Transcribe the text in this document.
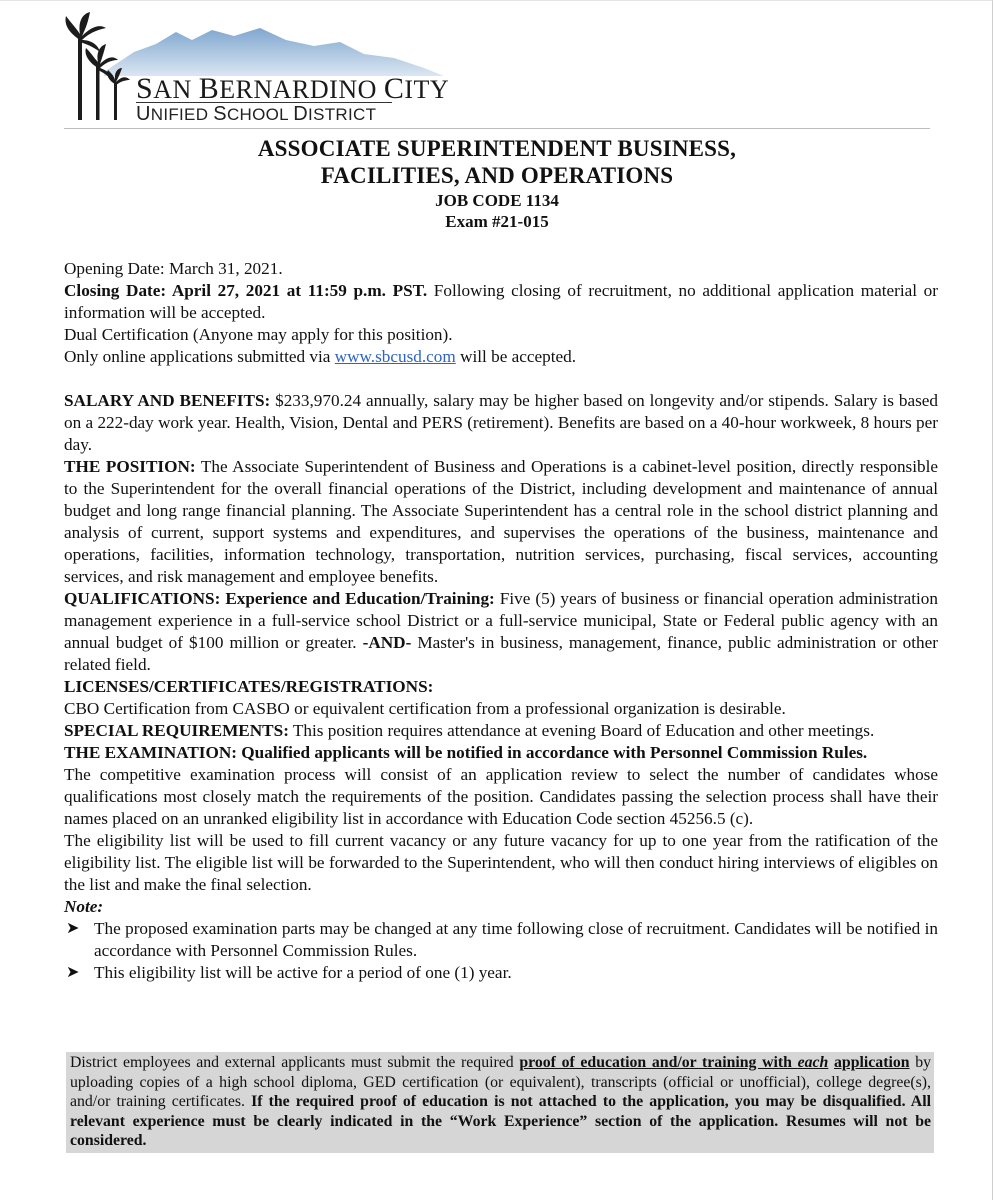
SAN BERNARDINO CITY
UNIFIED SCHOOL DISTRICT
ASSOCIATE SUPERINTENDENT BUSINESS,
FACILITIES, AND OPERATIONS
JOB CODE 1134
Exam #21-015

Opening Date: March 31, 2021.

Closing Date: April 27, 2021 at 11:59 p.m. PST. Following closing of recruitment, no additional application material or information will be accepted.

Dual Certification (Anyone may apply for this position).

Only online applications submitted via www.sbcusd.com will be accepted.

SALARY AND BENEFITS: $233,970.24 annually, salary may be higher based on longevity and/or stipends. Salary is based on a 222-day work year. Health, Vision, Dental and PERS (retirement). Benefits are based on a 40-hour workweek, 8 hours per day.

THE POSITION: The Associate Superintendent of Business and Operations is a cabinet-level position, directly responsible to the Superintendent for the overall financial operations of the District, including development and maintenance of annual budget and long range financial planning. The Associate Superintendent has a central role in the school district planning and analysis of current, support systems and expenditures, and supervises the operations of the business, maintenance and operations, facilities, information technology, transportation, nutrition services, purchasing, fiscal services, accounting services, and risk management and employee benefits.

QUALIFICATIONS: Experience and Education/Training: Five (5) years of business or financial operation administration management experience in a full-service school District or a full-service municipal, State or Federal public agency with an annual budget of $100 million or greater. -AND- Master's in business, management, finance, public administration or other related field.

LICENSES/CERTIFICATES/REGISTRATIONS:

CBO Certification from CASBO or equivalent certification from a professional organization is desirable.

SPECIAL REQUIREMENTS: This position requires attendance at evening Board of Education and other meetings.

THE EXAMINATION: Qualified applicants will be notified in accordance with Personnel Commission Rules.

The competitive examination process will consist of an application review to select the number of candidates whose qualifications most closely match the requirements of the position. Candidates passing the selection process shall have their names placed on an unranked eligibility list in accordance with Education Code section 45256.5 (c).

The eligibility list will be used to fill current vacancy or any future vacancy for up to one year from the ratification of the eligibility list. The eligible list will be forwarded to the Superintendent, who will then conduct hiring interviews of eligibles on the list and make the final selection.

Note:

➤ The proposed examination parts may be changed at any time following close of recruitment. Candidates will be notified in accordance with Personnel Commission Rules.

➤ This eligibility list will be active for a period of one (1) year.

District employees and external applicants must submit the required proof of education and/or training with each application by uploading copies of a high school diploma, GED certification (or equivalent), transcripts (official or unofficial), college degree(s), and/or training certificates. If the required proof of education is not attached to the application, you may be disqualified. All relevant experience must be clearly indicated in the “Work Experience” section of the application. Resumes will not be considered.
